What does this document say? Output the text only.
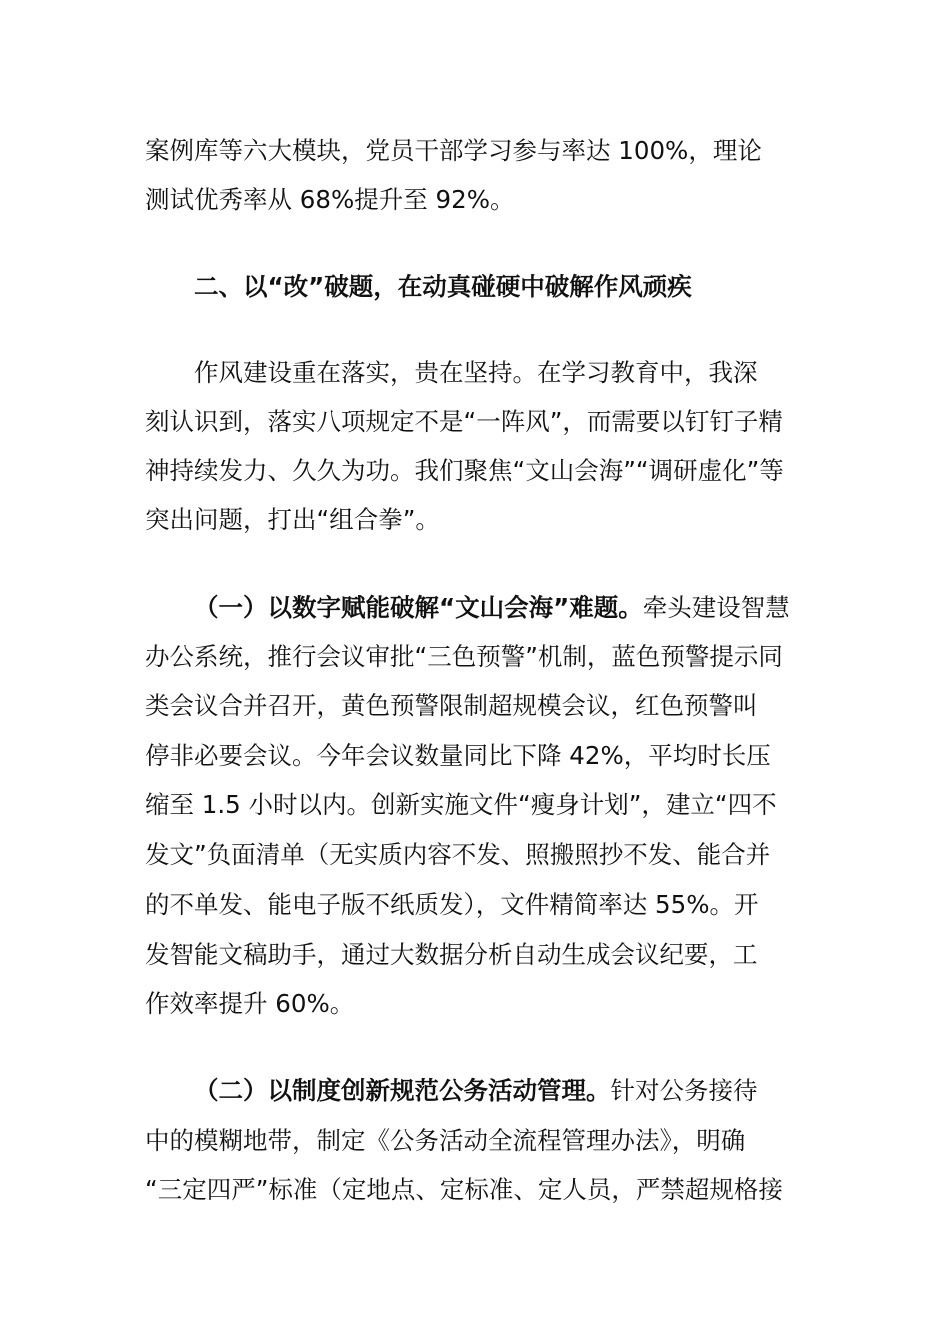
案例库等六大模块，党员干部学习参与率达 100%，理论
测试优秀率从 68%提升至 92%。
二、以“改”破题，在动真碰硬中破解作风顽疾
作风建设重在落实，贵在坚持。在学习教育中，我深
刻认识到，落实八项规定不是“一阵风”，而需要以钉钉子精
神持续发力、久久为功。我们聚焦“文山会海”“调研虚化”等
突出问题，打出“组合拳”。
（一）以数字赋能破解“文山会海”难题。牵头建设智慧
办公系统，推行会议审批“三色预警”机制，蓝色预警提示同
类会议合并召开，黄色预警限制超规模会议，红色预警叫
停非必要会议。今年会议数量同比下降 42%，平均时长压
缩至 1.5 小时以内。创新实施文件“瘦身计划”，建立“四不
发文”负面清单（无实质内容不发、照搬照抄不发、能合并
的不单发、能电子版不纸质发），文件精简率达 55%。开
发智能文稿助手，通过大数据分析自动生成会议纪要，工
作效率提升 60%。
（二）以制度创新规范公务活动管理。针对公务接待
中的模糊地带，制定《公务活动全流程管理办法》，明确
“三定四严”标准（定地点、定标准、定人员，严禁超规格接
